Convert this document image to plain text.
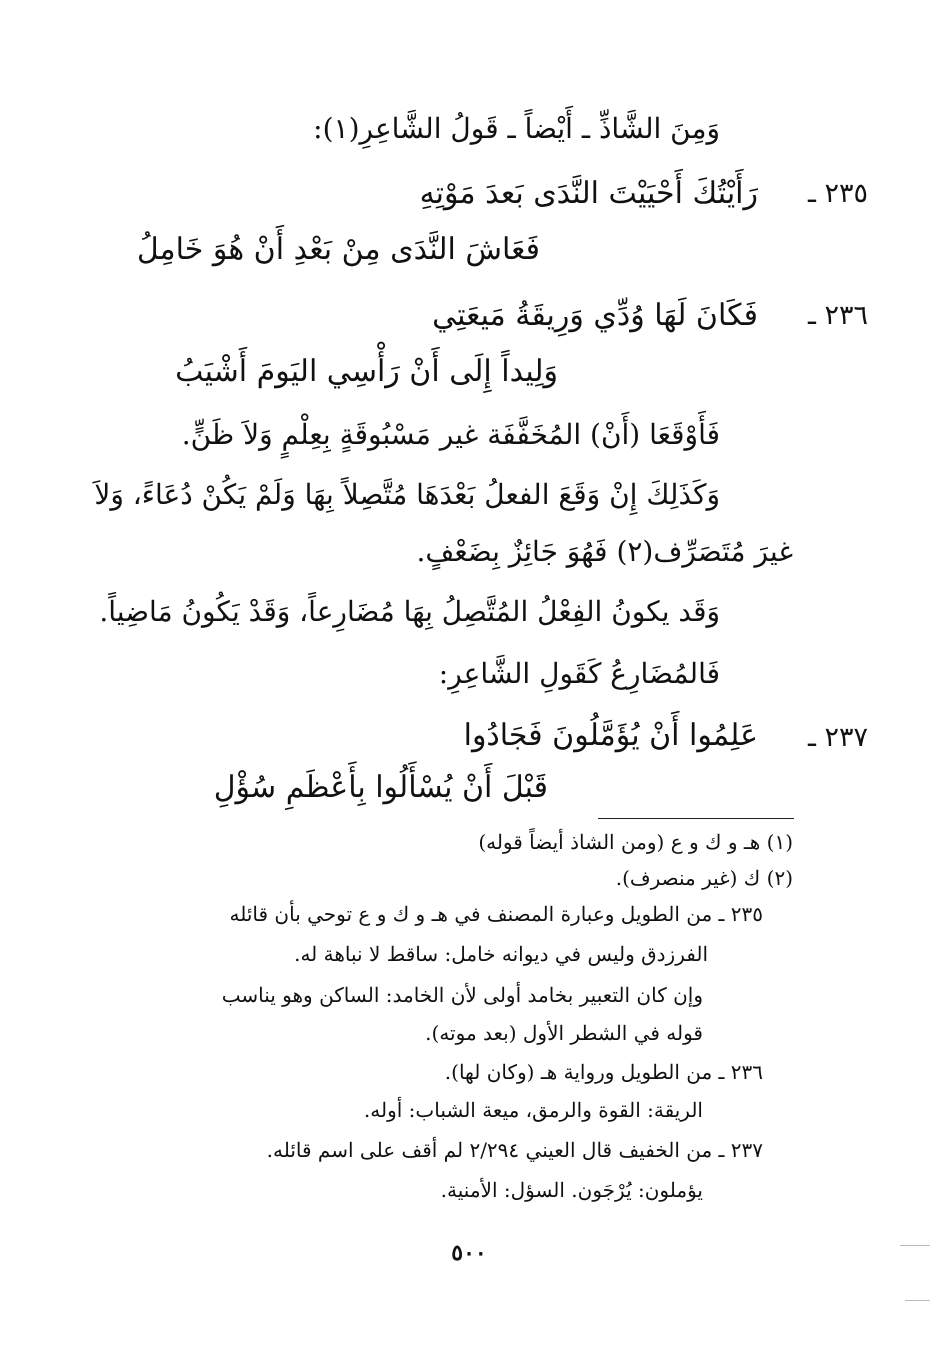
وَمِنَ الشَّاذِّ ـ أَيْضاً ـ قَولُ الشَّاعِرِ(١):
٢٣٥ ـ
رَأَيْتُكَ أَحْيَيْتَ النَّدَى بَعدَ مَوْتِهِ
فَعَاشَ النَّدَى مِنْ بَعْدِ أَنْ هُوَ خَامِلُ
٢٣٦ ـ
فَكَانَ لَهَا وُدِّي وَرِيقَةُ مَيعَتِي
وَلِيداً إِلَى أَنْ رَأْسِي اليَومَ أَشْيَبُ
فَأَوْقَعَا (أَنْ) المُخَفَّفَة غير مَسْبُوقَةٍ بِعِلْمٍ وَلاَ ظَنٍّ.
وَكَذَلِكَ إِنْ وَقَعَ الفعلُ بَعْدَهَا مُتَّصِلاً بِهَا وَلَمْ يَكُنْ دُعَاءً، وَلاَ
غيرَ مُتَصَرِّف(٢) فَهُوَ جَائِزٌ بِضَعْفٍ.
وَقَد يكونُ الفِعْلُ المُتَّصِلُ بِهَا مُضَارِعاً، وَقَدْ يَكُونُ مَاضِياً.
فَالمُضَارِعُ كَقَولِ الشَّاعِرِ:
٢٣٧ ـ
عَلِمُوا أَنْ يُؤَمَّلُونَ فَجَادُوا
قَبْلَ أَنْ يُسْأَلُوا بِأَعْظَمِ سُؤْلِ
(١) هـ و ك و ع (ومن الشاذ أيضاً قوله)
(٢) ك (غير منصرف).
٢٣٥ ـ من الطويل وعبارة المصنف في هـ و ك و ع توحي بأن قائله
الفرزدق وليس في ديوانه خامل: ساقط لا نباهة له.
وإن كان التعبير بخامد أولى لأن الخامد: الساكن وهو يناسب
قوله في الشطر الأول (بعد موته).
٢٣٦ ـ من الطويل ورواية هـ (وكان لها).
الريقة: القوة والرمق، ميعة الشباب: أوله.
٢٣٧ ـ من الخفيف قال العيني ٢/٢٩٤ لم أقف على اسم قائله.
يؤملون: يُرْجَون. السؤل: الأمنية.
٥٠٠
